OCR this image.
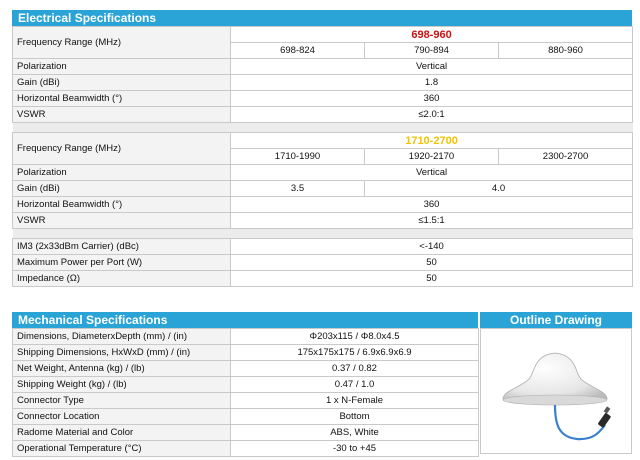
Electrical Specifications
Frequency Range (MHz)	698-960		
	698-824	790-894	880-960
Polarization	Vertical		
Gain (dBi)	1.8		
Horizontal Beamwidth (°)	360		
VSWR	≤2.0:1		

Frequency Range (MHz)	1710-2700		
	1710-1990	1920-2170	2300-2700
Polarization	Vertical		
Gain (dBi)	3.5	4.0	
Horizontal Beamwidth (°)	360		
VSWR	≤1.5:1		

IM3 (2x33dBm Carrier) (dBc)	<-140		
Maximum Power per Port (W)	50		
Impedance (Ω)	50		
Mechanical Specifications	Outline Drawing
Dimensions, DiameterxDepth (mm) / (in)	Φ203x115 / Φ8.0x4.5
Shipping Dimensions, HxWxD (mm) / (in)	175x175x175 / 6.9x6.9x6.9
Net Weight, Antenna (kg) / (lb)	0.37 / 0.82
Shipping Weight (kg) / (lb)	0.47 / 1.0
Connector Type	1 x N-Female
Connector Location	Bottom
Radome Material and Color	ABS, White
Operational Temperature (°C)	-30 to +45
